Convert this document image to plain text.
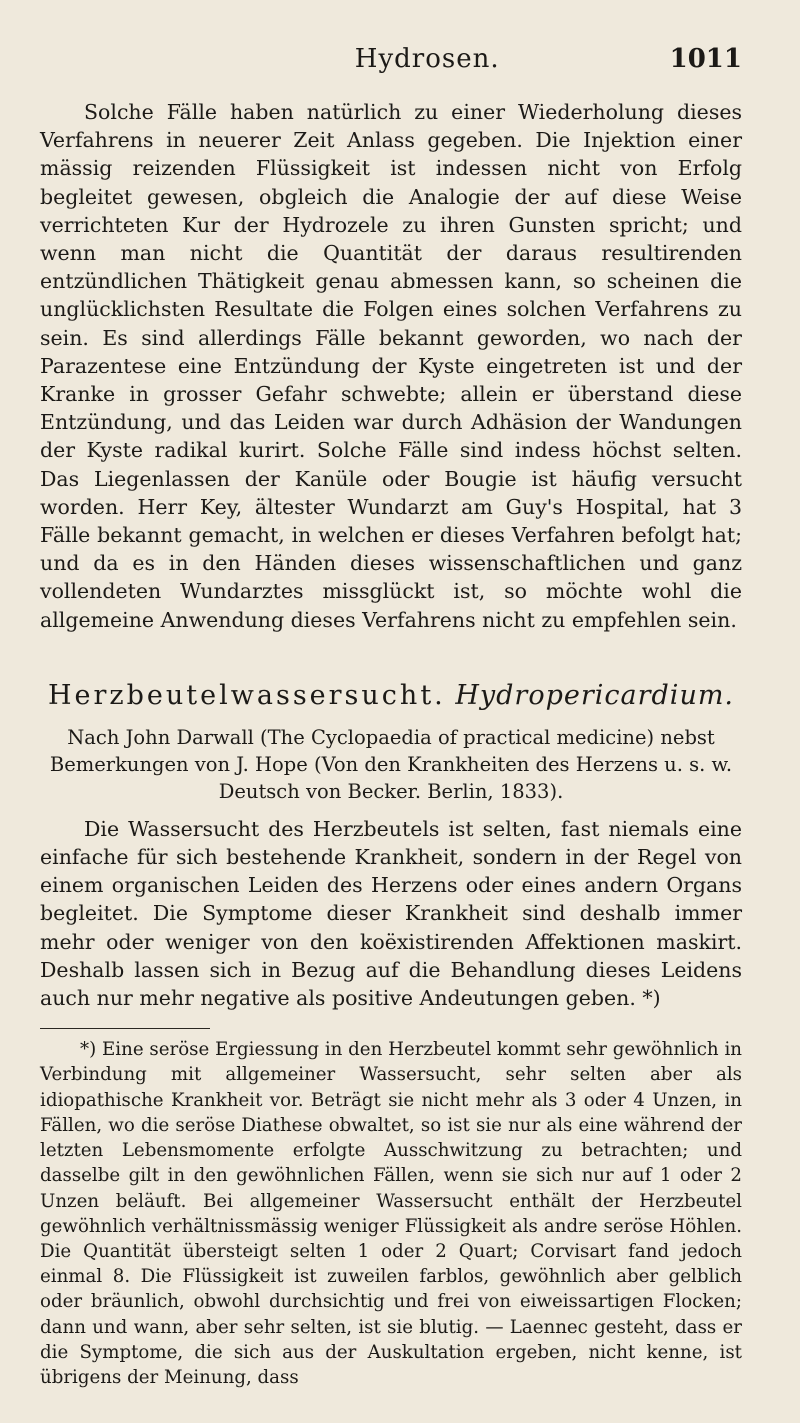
Hydrosen.	1011

Solche Fälle haben natürlich zu einer Wiederholung dieses Verfahrens in neuerer Zeit Anlass gegeben. Die Injektion einer mässig reizenden Flüssigkeit ist indessen nicht von Erfolg begleitet gewesen, obgleich die Analogie der auf diese Weise verrichteten Kur der Hydrozele zu ihren Gunsten spricht; und wenn man nicht die Quantität der daraus resultirenden entzündlichen Thätigkeit genau abmessen kann, so scheinen die unglücklichsten Resultate die Folgen eines solchen Verfahrens zu sein. Es sind allerdings Fälle bekannt geworden, wo nach der Parazentese eine Entzündung der Kyste eingetreten ist und der Kranke in grosser Gefahr schwebte; allein er überstand diese Entzündung, und das Leiden war durch Adhäsion der Wandungen der Kyste radikal kurirt. Solche Fälle sind indess höchst selten. Das Liegenlassen der Kanüle oder Bougie ist häufig versucht worden. Herr Key, ältester Wundarzt am Guy's Hospital, hat 3 Fälle bekannt gemacht, in welchen er dieses Verfahren befolgt hat; und da es in den Händen dieses wissenschaftlichen und ganz vollendeten Wundarztes missglückt ist, so möchte wohl die allgemeine Anwendung dieses Verfahrens nicht zu empfehlen sein.

Herzbeutelwassersucht. Hydropericardium.
Nach John Darwall (The Cyclopaedia of practical medicine) nebst Bemerkungen von J. Hope (Von den Krankheiten des Herzens u. s. w.
Deutsch von Becker. Berlin, 1833).

Die Wassersucht des Herzbeutels ist selten, fast niemals eine einfache für sich bestehende Krankheit, sondern in der Regel von einem organischen Leiden des Herzens oder eines andern Organs begleitet. Die Symptome dieser Krankheit sind deshalb immer mehr oder weniger von den koëxistirenden Affektionen maskirt. Deshalb lassen sich in Bezug auf die Behandlung dieses Leidens auch nur mehr negative als positive Andeutungen geben. *)

*) Eine seröse Ergiessung in den Herzbeutel kommt sehr gewöhnlich in Verbindung mit allgemeiner Wassersucht, sehr selten aber als idiopathische Krankheit vor. Beträgt sie nicht mehr als 3 oder 4 Unzen, in Fällen, wo die seröse Diathese obwaltet, so ist sie nur als eine während der letzten Lebensmomente erfolgte Ausschwitzung zu betrachten; und dasselbe gilt in den gewöhnlichen Fällen, wenn sie sich nur auf 1 oder 2 Unzen beläuft. Bei allgemeiner Wassersucht enthält der Herzbeutel gewöhnlich verhältnissmässig weniger Flüssigkeit als andre seröse Höhlen. Die Quantität übersteigt selten 1 oder 2 Quart; Corvisart fand jedoch einmal 8. Die Flüssigkeit ist zuweilen farblos, gewöhnlich aber gelblich oder bräunlich, obwohl durchsichtig und frei von eiweissartigen Flocken; dann und wann, aber sehr selten, ist sie blutig. — Laennec gesteht, dass er die Symptome, die sich aus der Auskultation ergeben, nicht kenne, ist übrigens der Meinung, dass
